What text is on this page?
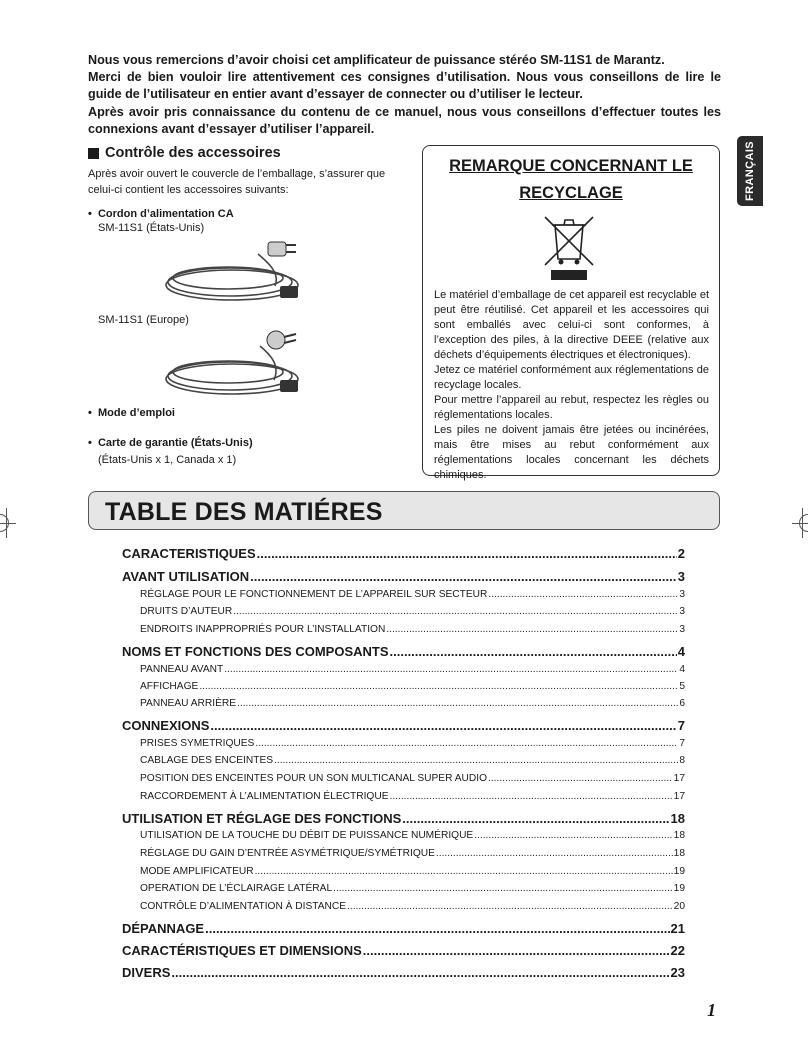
Nous vous remercions d’avoir choisi cet amplificateur de puissance stéréo SM-11S1 de Marantz.

Merci de bien vouloir lire attentivement ces consignes d’utilisation. Nous vous conseillons de lire le guide de l’utilisateur en entier avant d’essayer de connecter ou d’utiliser le lecteur.

Après avoir pris connaissance du contenu de ce manuel, nous vous conseillons d’effectuer toutes les connexions avant d’essayer d’utiliser l’appareil.

FRANÇAIS
Contrôle des accessoires
Après avoir ouvert le couvercle de l’emballage, s’assurer que celui-ci contient les accessoires suivants:
•  Cordon d’alimentation CA
SM-11S1 (États-Unis)
SM-11S1 (Europe)
•  Mode d’emploi
•  Carte de garantie (États-Unis)
(États-Unis x 1, Canada x 1)
REMARQUE CONCERNANT LE
RECYCLAGE

Le matériel d’emballage de cet appareil est recyclable et peut être réutilisé. Cet appareil et les accessoires qui sont emballés avec celui-ci sont conformes, à l’exception des piles, à la directive DEEE (relative aux déchets d’équipements électriques et électroniques).

Jetez ce matériel conformément aux réglementations de recyclage locales.

Pour mettre l’appareil au rebut, respectez les règles ou réglementations locales.

Les piles ne doivent jamais être jetées ou incinérées, mais être mises au rebut conformément aux réglementations locales concernant les déchets chimiques.

TABLE DES MATIÉRES
CARACTERISTIQUES .....	2
AVANT UTILISATION .....	3
RÉGLAGE POUR LE FONCTIONNEMENT DE L’APPAREIL SUR SECTEUR .....	3
DRUITS D’AUTEUR .....	3
ENDROITS INAPPROPRIÉS POUR L’INSTALLATION .....	3
NOMS ET FONCTIONS DES COMPOSANTS .....	4
PANNEAU AVANT .....	4
AFFICHAGE .....	5
PANNEAU ARRIÈRE .....	6
CONNEXIONS .....	7
PRISES SYMETRIQUES .....	7
CABLAGE DES ENCEINTES .....	8
POSITION DES ENCEINTES POUR UN SON MULTICANAL SUPER AUDIO .....	17
RACCORDEMENT À L’ALIMENTATION ÉLECTRIQUE .....	17
UTILISATION ET RÉGLAGE DES FONCTIONS .....	18
UTILISATION DE LA TOUCHE DU DÉBIT DE PUISSANCE NUMÉRIQUE .....	18
RÉGLAGE DU GAIN D’ENTRÉE ASYMÉTRIQUE/SYMÉTRIQUE .....	18
MODE AMPLIFICATEUR .....	19
OPERATION DE L’ÉCLAIRAGE LATÉRAL .....	19
CONTRÔLE D’ALIMENTATION À DISTANCE .....	20
DÉPANNAGE .....	21
CARACTÉRISTIQUES ET DIMENSIONS .....	22
DIVERS .....	23
1
